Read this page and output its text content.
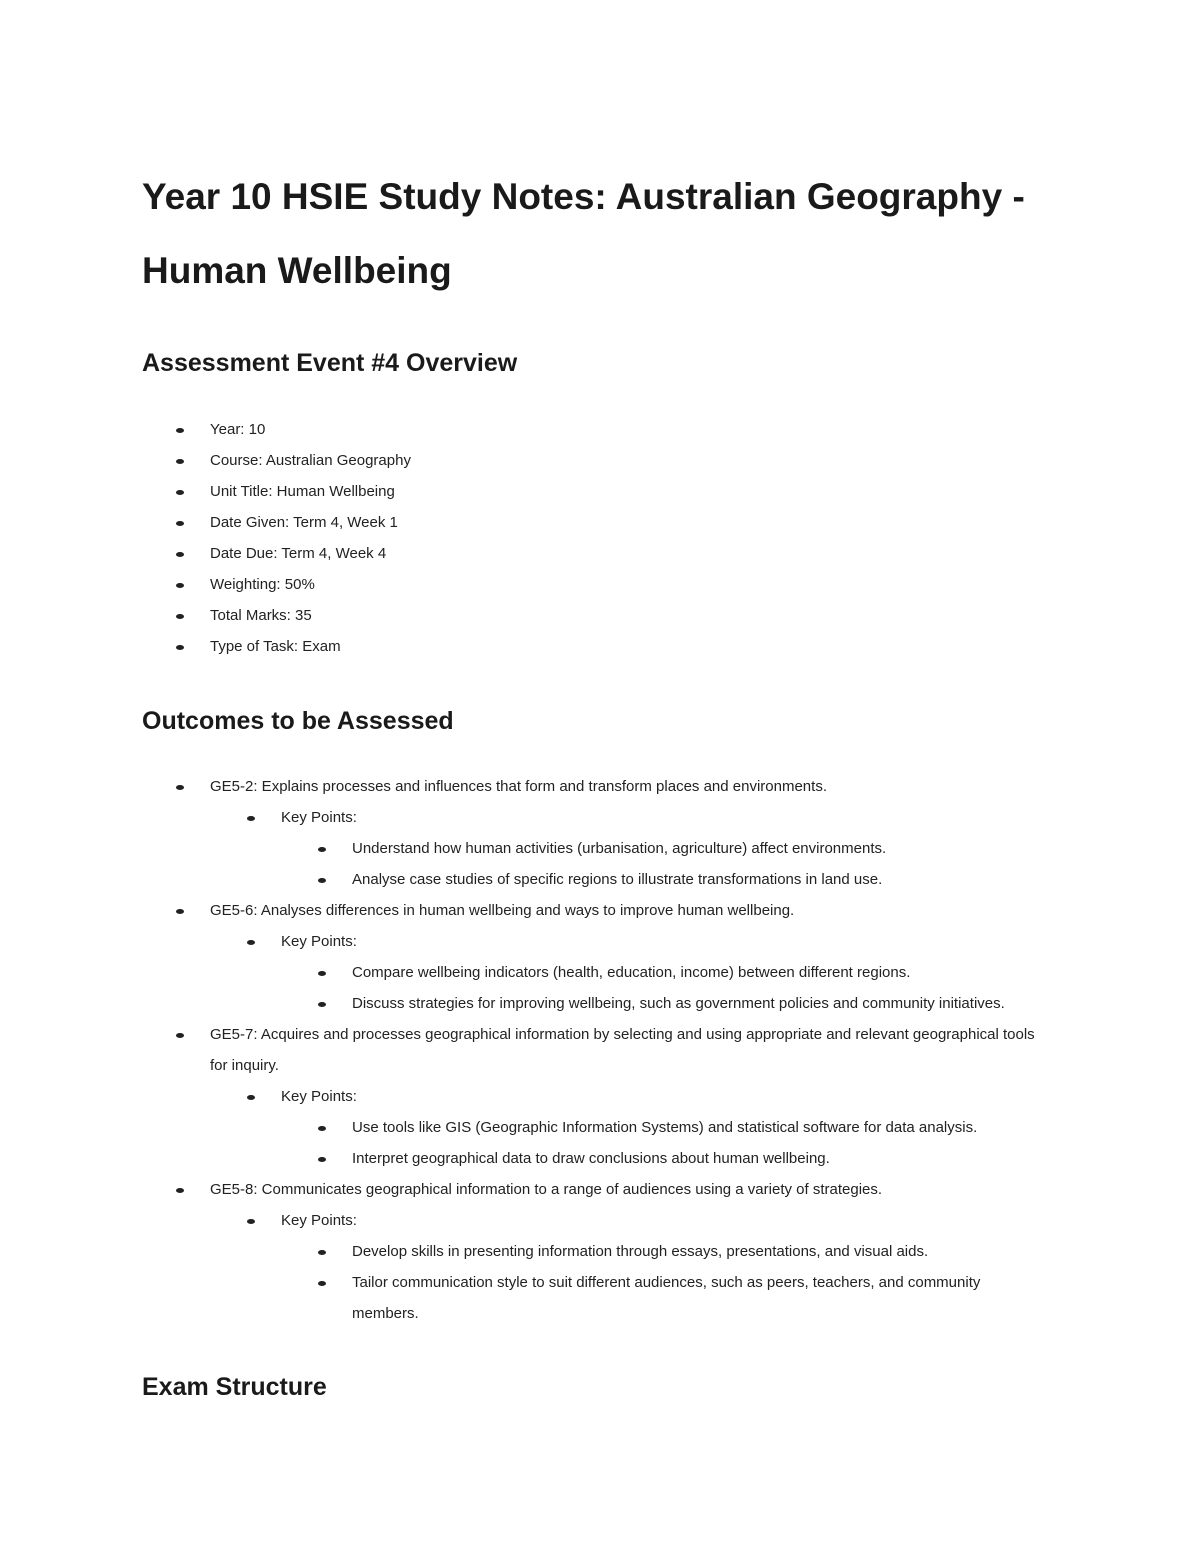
Year 10 HSIE Study Notes: Australian Geography - Human Wellbeing
Assessment Event #4 Overview
Year: 10
Course: Australian Geography
Unit Title: Human Wellbeing
Date Given: Term 4, Week 1
Date Due: Term 4, Week 4
Weighting: 50%
Total Marks: 35
Type of Task: Exam
Outcomes to be Assessed
GE5-2: Explains processes and influences that form and transform places and environments.
Key Points:
Understand how human activities (urbanisation, agriculture) affect environments.
Analyse case studies of specific regions to illustrate transformations in land use.
GE5-6: Analyses differences in human wellbeing and ways to improve human wellbeing.
Key Points:
Compare wellbeing indicators (health, education, income) between different regions.
Discuss strategies for improving wellbeing, such as government policies and community initiatives.
GE5-7: Acquires and processes geographical information by selecting and using appropriate and relevant geographical tools for inquiry.
Key Points:
Use tools like GIS (Geographic Information Systems) and statistical software for data analysis.
Interpret geographical data to draw conclusions about human wellbeing.
GE5-8: Communicates geographical information to a range of audiences using a variety of strategies.
Key Points:
Develop skills in presenting information through essays, presentations, and visual aids.
Tailor communication style to suit different audiences, such as peers, teachers, and community members.
Exam Structure
